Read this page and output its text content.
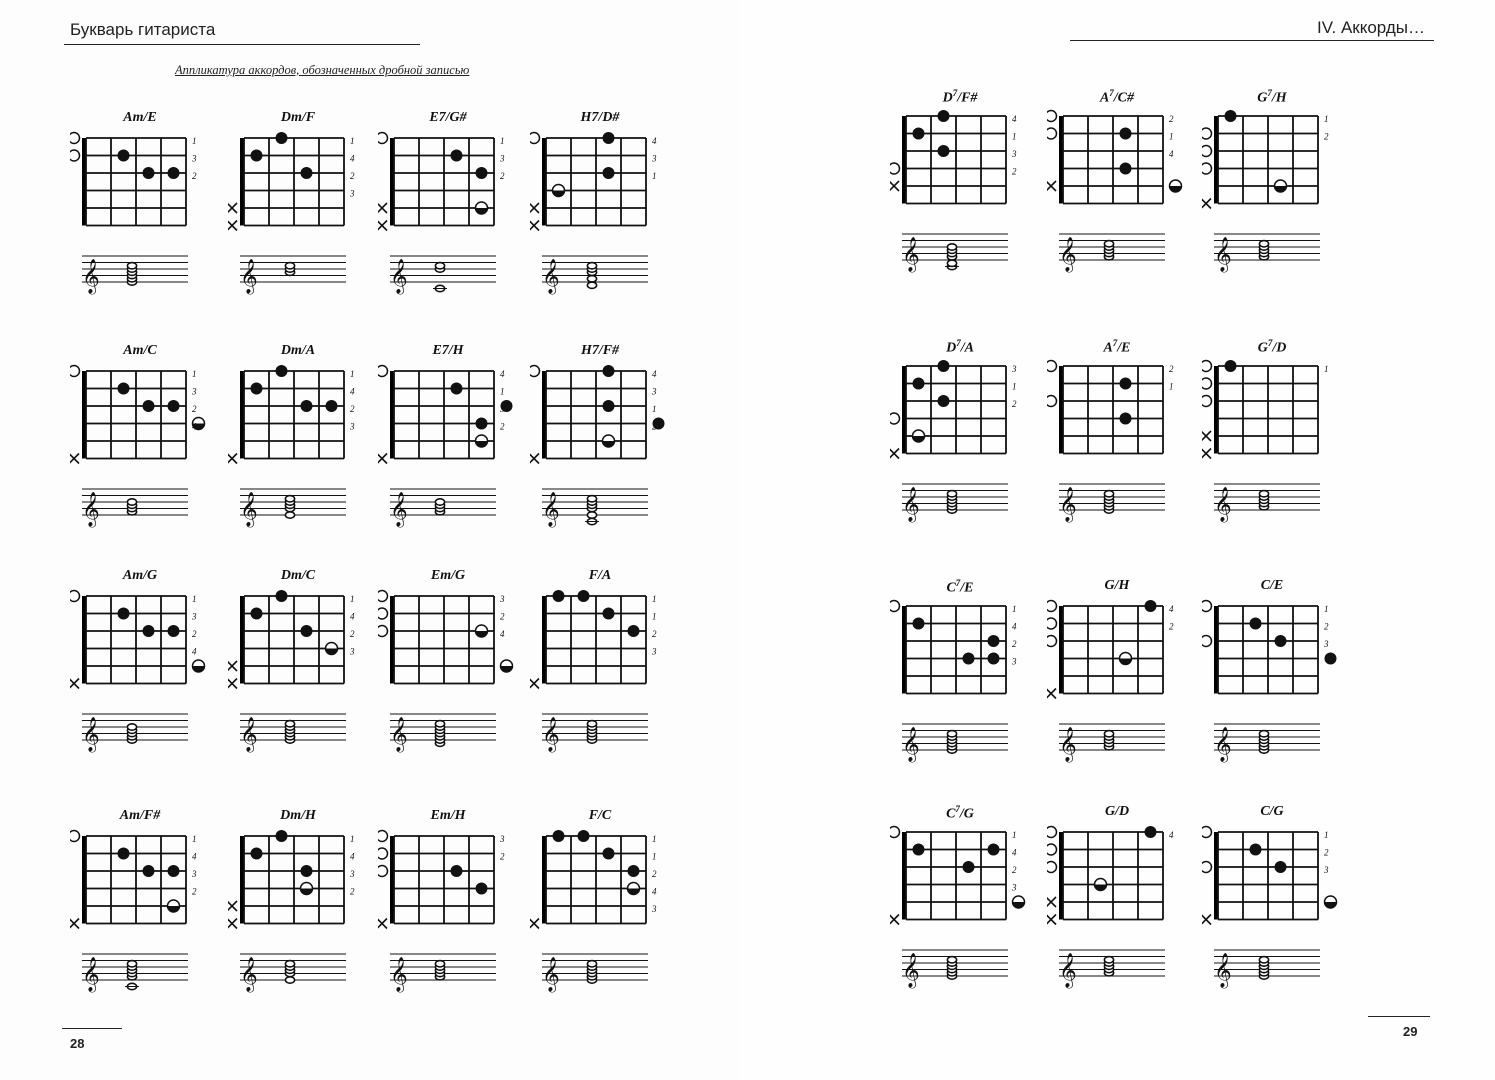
Букварь гитариста
Аппликатура аккордов, обозначенных дробной записью
28
IV. Аккорды…
29
Am/E
1
3
2
𝄞
Dm/F
1
4
2
3
𝄞
E7/G#
1
3
2
𝄞
H7/D#
4
3
1
𝄞
Am/C
1
3
2
4
𝄞
Dm/A
1
4
2
3
𝄞
E7/H
4
1
3
2
𝄞
H7/F#
4
3
1
2
𝄞
Am/G
1
3
2
4
𝄞
Dm/C
1
4
2
3
𝄞
Em/G
3
2
4
𝄞
F/A
1
1
2
3
𝄞
Am/F#
1
4
3
2
𝄞
Dm/H
1
4
3
2
𝄞
Em/H
3
2
𝄞
F/C
1
1
2
4
3
𝄞
$D^7/F\#$
4
1
3
2
𝄞
$A^7/C\#$
2
1
4
𝄞
$G^7/H$
1
2
𝄞
$D^7/A$
3
1
2
𝄞
$A^7/E$
2
1
𝄞
$G^7/D$
1
𝄞
$C^7/E$
1
4
2
3
𝄞
G/H
4
2
𝄞
C/E
1
2
3
𝄞
$C^7/G$
1
4
2
3
𝄞
G/D
4
𝄞
C/G
1
2
3
𝄞
